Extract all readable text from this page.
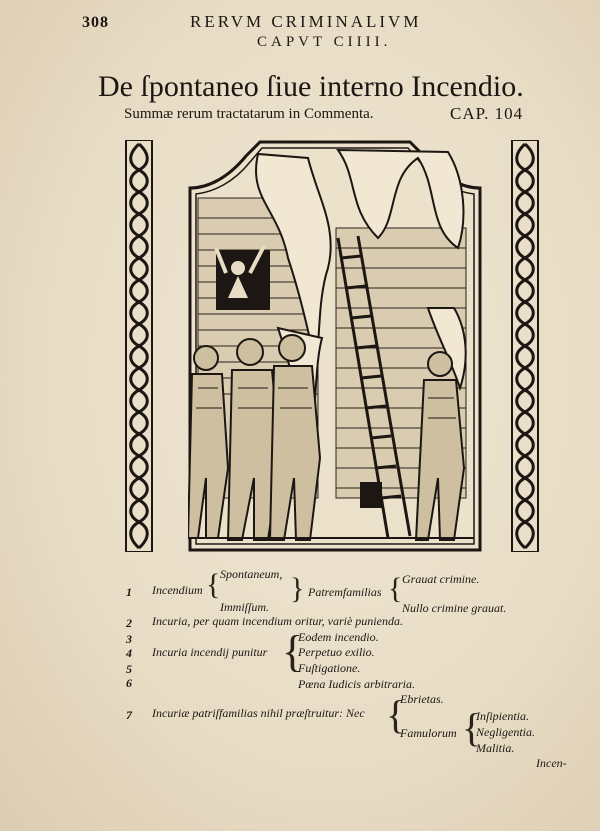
308	RERVM CRIMINALIVM
CAPVT CIIII.
De ſpontaneo ſiue interno Incendio.
Summæ rerum tractatarum in Commenta.	CAP. 104
1 Incendium { Spontaneum,
Immiſſum.
} Patremfamilias { Grauat crimine.
Nullo crimine grauat.
2 Incuria, per quam incendium oritur, variè punienda.
3
4
5
6
Incuria incendij punitur {
Eodem incendio.
Perpetuo exilio.
Fuſtigatione.
Pœna Iudicis arbitraria.
7 Incuriæ patriſfamilias nihil præſtruitur: Nec {
Ebrietas.
Famulorum {
Inſipientia.
Negligentia.
Malitia.
Incen-
